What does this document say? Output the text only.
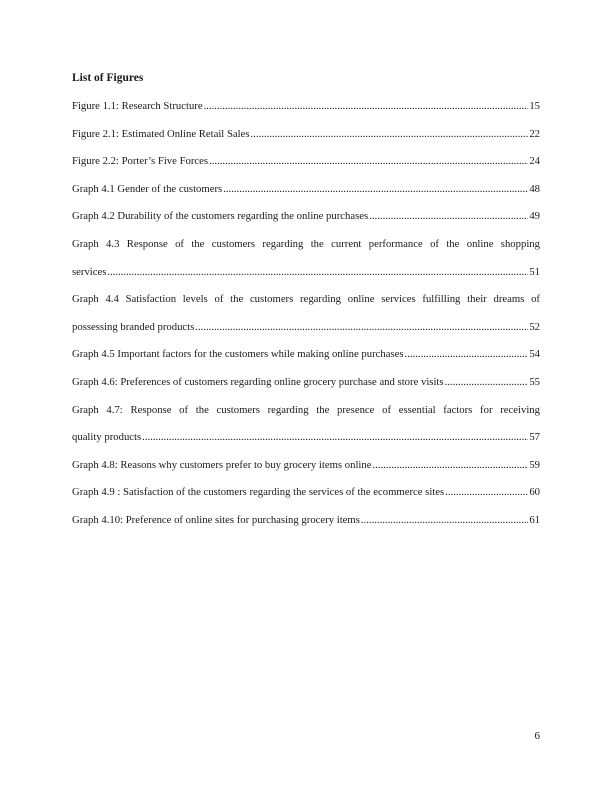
List of Figures
Figure 1.1: Research Structure .....	15
Figure 2.1: Estimated Online Retail Sales .....	22
Figure 2.2: Porter’s Five Forces .....	24
Graph 4.1 Gender of the customers .....	48
Graph 4.2 Durability of the customers regarding the online purchases .....	49
Graph 4.3 Response of the customers regarding the current performance of the online shopping
services .....	51
Graph 4.4 Satisfaction levels of the customers regarding online services fulfilling their dreams of
possessing branded products .....	52
Graph 4.5 Important factors for the customers while making online purchases .....	54
Graph 4.6: Preferences of customers regarding online grocery purchase and store visits .....	55
Graph 4.7: Response of the customers regarding the presence of essential factors for receiving
quality products .....	57
Graph 4.8: Reasons why customers prefer to buy grocery items online .....	59
Graph 4.9 : Satisfaction of the customers regarding the services of the ecommerce sites .....	60
Graph 4.10: Preference of online sites for purchasing grocery items .....	61
6
